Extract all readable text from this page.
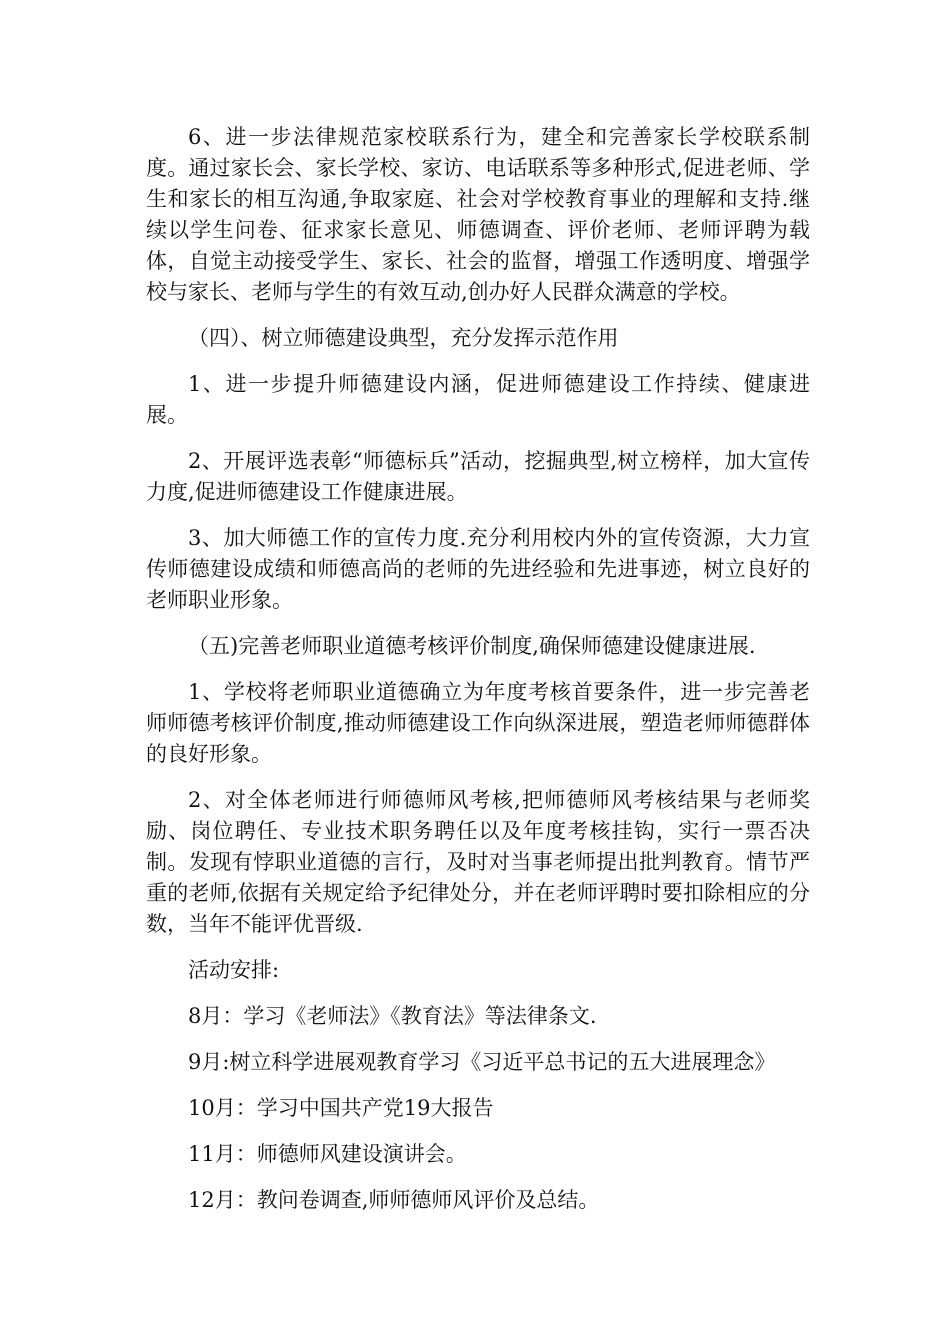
6、进一步法律规范家校联系行为，建全和完善家长学校联系制度。通过家长会、家长学校、家访、电话联系等多种形式,促进老师、学生和家长的相互沟通,争取家庭、社会对学校教育事业的理解和支持.继续以学生问卷、征求家长意见、师德调查、评价老师、老师评聘为载体，自觉主动接受学生、家长、社会的监督，增强工作透明度、增强学校与家长、老师与学生的有效互动,创办好人民群众满意的学校。

（四）、树立师德建设典型，充分发挥示范作用

1、进一步提升师德建设内涵，促进师德建设工作持续、健康进展。

2、开展评选表彰“师德标兵”活动，挖掘典型,树立榜样，加大宣传力度,促进师德建设工作健康进展。

3、加大师德工作的宣传力度.充分利用校内外的宣传资源，大力宣传师德建设成绩和师德高尚的老师的先进经验和先进事迹，树立良好的老师职业形象。

（五)完善老师职业道德考核评价制度,确保师德建设健康进展.

1、学校将老师职业道德确立为年度考核首要条件，进一步完善老师师德考核评价制度,推动师德建设工作向纵深进展，塑造老师师德群体的良好形象。

2、对全体老师进行师德师风考核,把师德师风考核结果与老师奖励、岗位聘任、专业技术职务聘任以及年度考核挂钩，实行一票否决制。发现有悖职业道德的言行，及时对当事老师提出批判教育。情节严重的老师,依据有关规定给予纪律处分，并在老师评聘时要扣除相应的分数，当年不能评优晋级.

活动安排:

8月：学习《老师法》《教育法》等法律条文.

9月:树立科学进展观教育学习《习近平总书记的五大进展理念》

10月：学习中国共产党19大报告

11月：师德师风建设演讲会。

12月：教问卷调查,师师德师风评价及总结。
